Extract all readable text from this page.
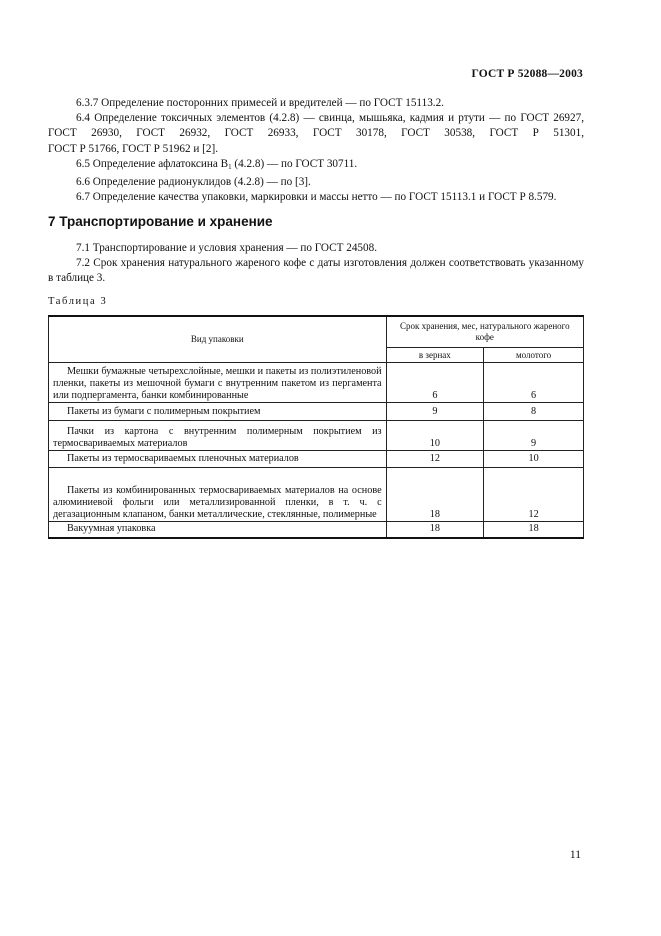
ГОСТ Р 52088—2003
6.3.7 Определение посторонних примесей и вредителей — по ГОСТ 15113.2.
6.4 Определение токсичных элементов (4.2.8) — свинца, мышьяка, кадмия и ртути — по ГОСТ 26927, ГОСТ 26930, ГОСТ 26932, ГОСТ 26933, ГОСТ 30178, ГОСТ 30538, ГОСТ Р 51301,
ГОСТ Р 51766, ГОСТ Р 51962 и [2].
6.5 Определение афлатоксина $B_1$ (4.2.8) — по ГОСТ 30711.
6.6 Определение радионуклидов (4.2.8) — по [3].
6.7 Определение качества упаковки, маркировки и массы нетто — по ГОСТ 15113.1 и ГОСТ Р 8.579.
7 Транспортирование и хранение
7.1 Транспортирование и условия хранения — по ГОСТ 24508.
7.2 Срок хранения натурального жареного кофе с даты изготовления должен соответствовать указанному в таблице 3.
Таблица 3
Вид упаковки	Срок хранения, мес, натурального жареного кофе	
	в зернах	молотого
Мешки бумажные четырехслойные, мешки и пакеты из полиэтиленовой пленки, пакеты из мешочной бумаги с внутренним пакетом из пергамента или подпергамента, банки комбинированные	6	6
Пакеты из бумаги с полимерным покрытием	9	8
Пачки из картона с внутренним полимерным покрытием из термосвариваемых материалов	10	9
Пакеты из термосвариваемых пленочных материалов	12	10
Пакеты из комбинированных термосвариваемых материалов на основе алюминиевой фольги или металлизированной пленки, в т. ч. с дегазационным клапаном, банки металлические, стеклянные, полимерные	18	12
Вакуумная упаковка	18	18
11
